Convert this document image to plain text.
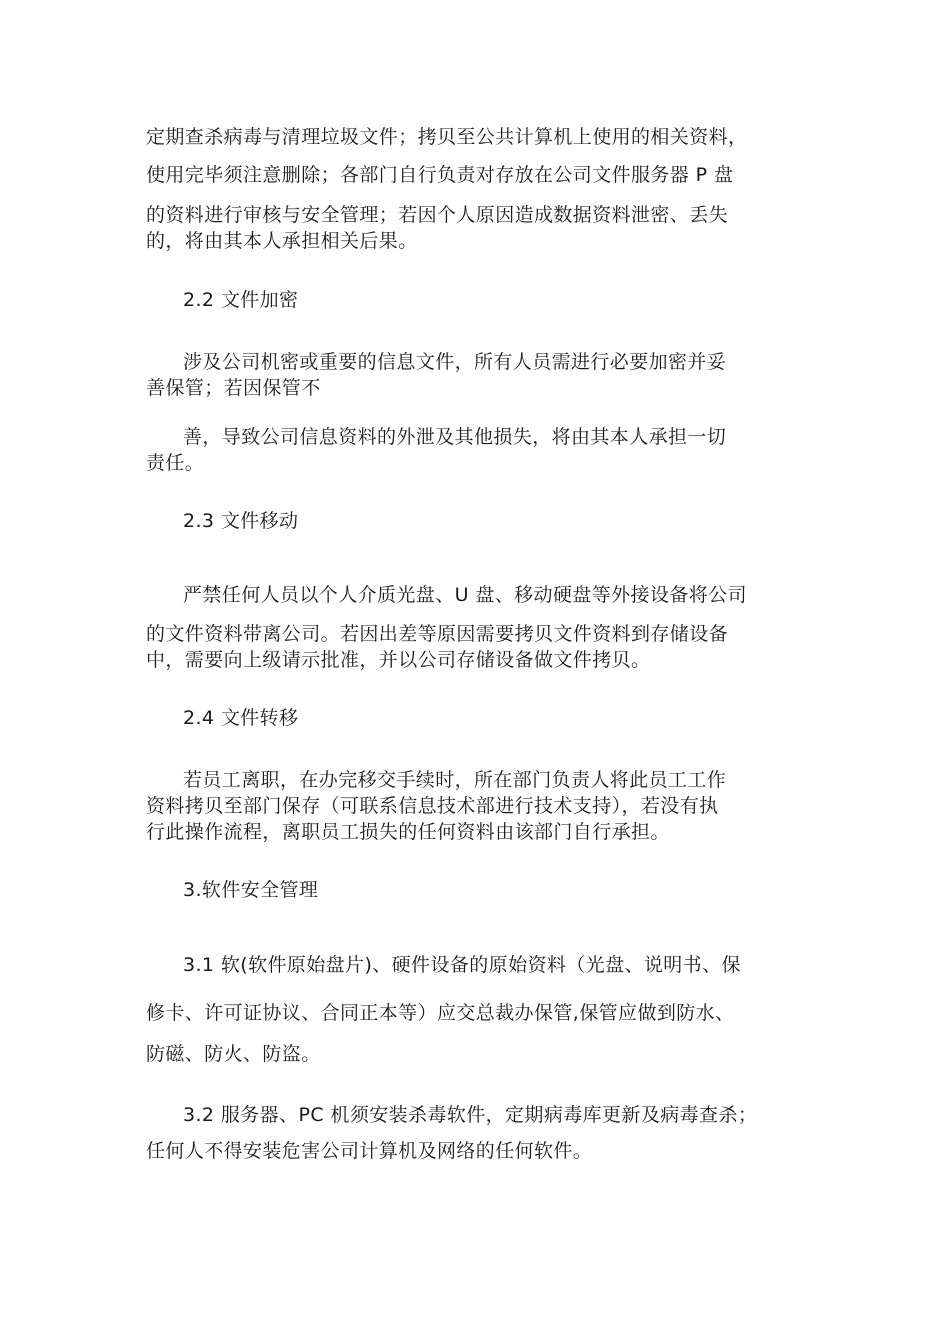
定期查杀病毒与清理垃圾文件；拷贝至公共计算机上使用的相关资料，
使用完毕须注意删除；各部门自行负责对存放在公司文件服务器 P 盘
的资料进行审核与安全管理；若因个人原因造成数据资料泄密、丢失
的，将由其本人承担相关后果。
2.2 文件加密
涉及公司机密或重要的信息文件，所有人员需进行必要加密并妥
善保管；若因保管不
善，导致公司信息资料的外泄及其他损失，将由其本人承担一切
责任。
2.3 文件移动
严禁任何人员以个人介质光盘、U 盘、移动硬盘等外接设备将公司
的文件资料带离公司。若因出差等原因需要拷贝文件资料到存储设备
中，需要向上级请示批准，并以公司存储设备做文件拷贝。
2.4 文件转移
若员工离职，在办完移交手续时，所在部门负责人将此员工工作
资料拷贝至部门保存（可联系信息技术部进行技术支持），若没有执
行此操作流程，离职员工损失的任何资料由该部门自行承担。
3.软件安全管理
3.1 软(软件原始盘片)、硬件设备的原始资料（光盘、说明书、保
修卡、许可证协议、合同正本等）应交总裁办保管,保管应做到防水、
防磁、防火、防盗。
3.2 服务器、PC 机须安装杀毒软件，定期病毒库更新及病毒查杀；
任何人不得安装危害公司计算机及网络的任何软件。
